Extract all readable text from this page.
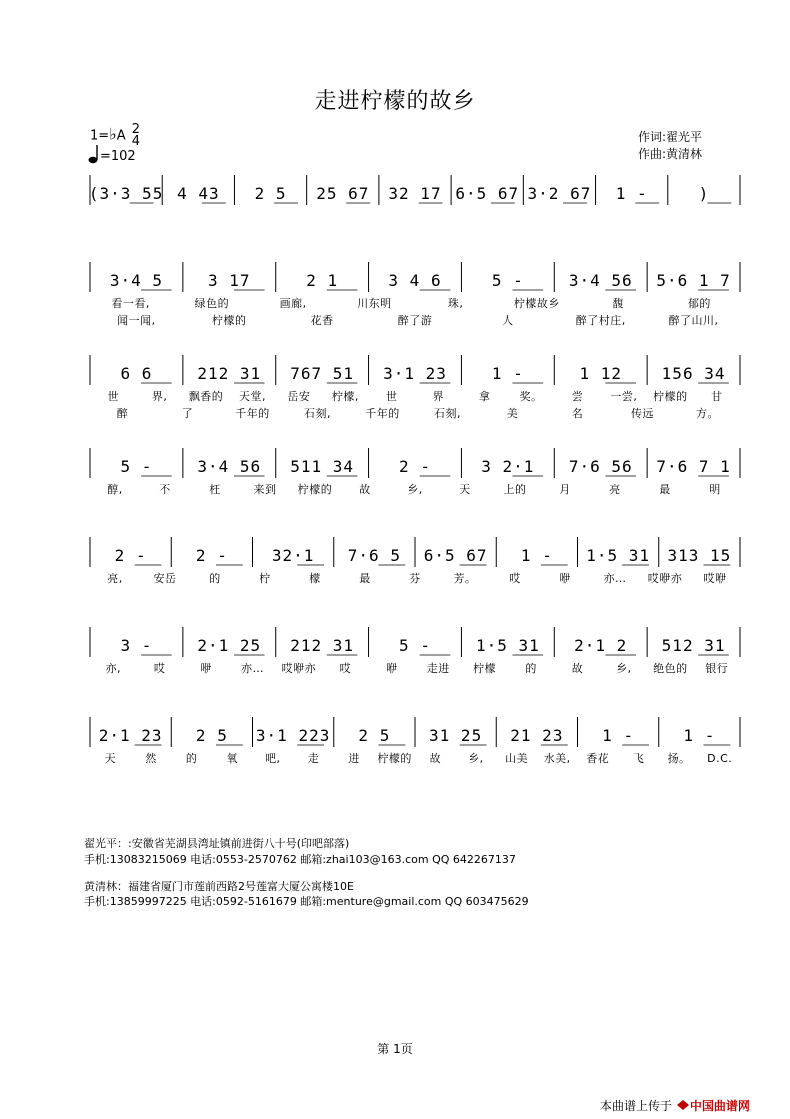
走进柠檬的故乡
1=♭A 2
4
=102
作词:翟光平
作曲:黄清林
(3·3 55 4 43 2 5 25 67 32 17 6·5 67 3·2 67 1 -	)
3·4 5	3 17	2 1	3 4 6	5 -	3·4 56 5·6 1 7
看一看,	绿色的	画廊,	川东明	珠,	柠檬故乡	馥	郁的
闻一闻,	柠檬的	花香	醉了游	人	醉了村庄,	醉了山川,
6 6	212 31 767 51 3·1 23	1 -	1 12 156 34
世	界, 飘香的 天堂, 岳安 柠檬, 世	界	拿	奖。	尝 一尝, 柠檬的 甘
醉	了	千年的	石刻,	千年的	石刻,	美	名	传远	方。
5 -	3·4 56 511 34	2 -	3 2·1 7·6 56 7·6 7 1
醇,	不	枉	来到 柠檬的 故	乡,	天	上的	月	亮	最	明
2 -	2 -	32·1 7·6 5 6·5 67 1 - 1·5 31 313 15
亮,	安岳	的	柠	檬	最	芬	芳。	哎	咿	亦… 哎咿亦 哎咿
3 -	2·1 25 212 31	5 -	1·5 31 2·1 2 512 31
亦,	哎	咿	亦… 哎咿亦 哎	咿	走进 柠檬	的	故	乡, 绝色的 银行
2·1 23 2 5 3·1 223 2 5 31 25 21 23 1 -	1 -
天	然	的	氧 吧, 走	进 柠檬的 故 乡, 山美 水美, 香花 飞 扬。 D.C.
翟光平：:安徽省芜湖县湾址镇前进街八十号(印吧部落)
手机:13083215069 电话:0553-2570762 邮箱:zhai103@163.com QQ 642267137
黄清林：福建省厦门市莲前西路2号莲富大厦公寓楼10E
手机:13859997225 电话:0592-5161679 邮箱:menture@gmail.com QQ 603475629
第 1页
本曲谱上传于 中国曲谱网
